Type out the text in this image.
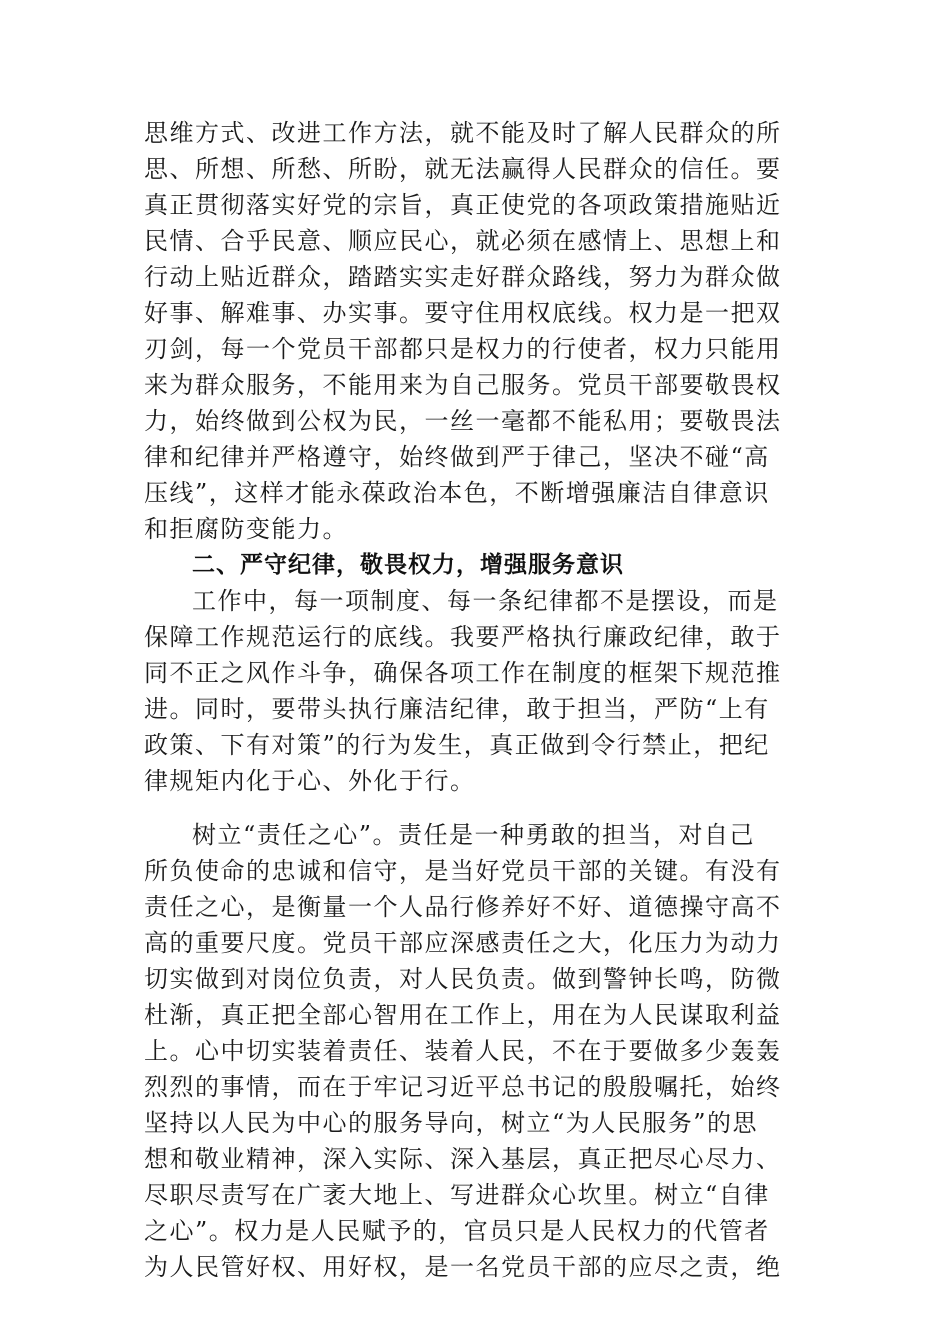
思维方式、改进工作方法，就不能及时了解人民群众的所
思、所想、所愁、所盼，就无法赢得人民群众的信任。要
真正贯彻落实好党的宗旨，真正使党的各项政策措施贴近
民情、合乎民意、顺应民心，就必须在感情上、思想上和
行动上贴近群众，踏踏实实走好群众路线，努力为群众做
好事、解难事、办实事。要守住用权底线。权力是一把双
刃剑，每一个党员干部都只是权力的行使者，权力只能用
来为群众服务，不能用来为自己服务。党员干部要敬畏权
力，始终做到公权为民，一丝一毫都不能私用；要敬畏法
律和纪律并严格遵守，始终做到严于律己，坚决不碰“高
压线”，这样才能永葆政治本色，不断增强廉洁自律意识
和拒腐防变能力。
工作中，每一项制度、每一条纪律都不是摆设，而是
保障工作规范运行的底线。我要严格执行廉政纪律，敢于
同不正之风作斗争，确保各项工作在制度的框架下规范推
进。同时，要带头执行廉洁纪律，敢于担当，严防“上有
政策、下有对策”的行为发生，真正做到令行禁止，把纪
律规矩内化于心、外化于行。
树立“责任之心”。责任是一种勇敢的担当，对自己
所负使命的忠诚和信守，是当好党员干部的关键。有没有
责任之心，是衡量一个人品行修养好不好、道德操守高不
高的重要尺度。党员干部应深感责任之大，化压力为动力
切实做到对岗位负责，对人民负责。做到警钟长鸣，防微
杜渐，真正把全部心智用在工作上，用在为人民谋取利益
上。心中切实装着责任、装着人民，不在于要做多少轰轰
烈烈的事情，而在于牢记习近平总书记的殷殷嘱托，始终
坚持以人民为中心的服务导向，树立“为人民服务”的思
想和敬业精神，深入实际、深入基层，真正把尽心尽力、
尽职尽责写在广袤大地上、写进群众心坎里。树立“自律
之心”。权力是人民赋予的，官员只是人民权力的代管者
为人民管好权、用好权，是一名党员干部的应尽之责，绝
二、严守纪律，敬畏权力，增强服务意识
